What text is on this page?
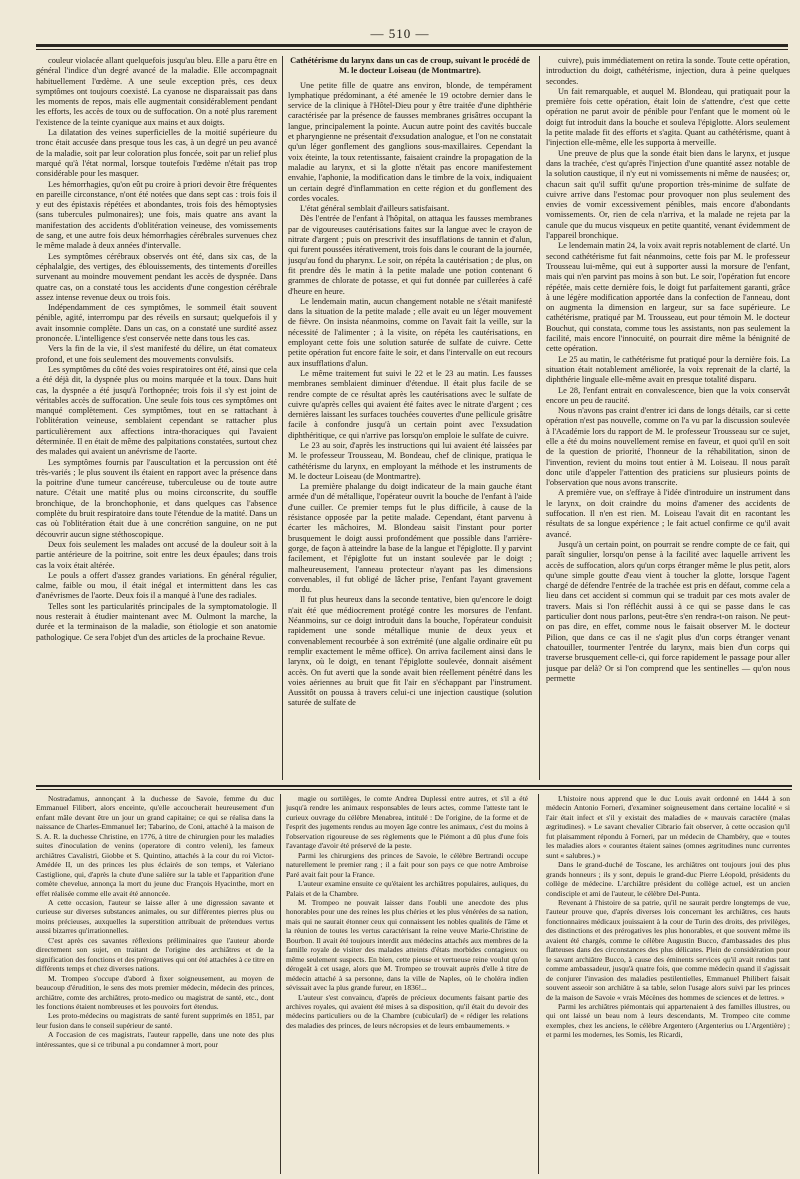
— 510 —

couleur violacée allant quelquefois jusqu'au bleu. Elle a paru être en général l'indice d'un degré avancé de la maladie. Elle accompagnait habituellement l'œdème. A une seule exception près, ces deux symptômes ont toujours coexisté. La cyanose ne disparaissait pas dans les moments de repos, mais elle augmentait considérablement pendant les efforts, les accès de toux ou de suffocation. On a noté plus rarement l'existence de la teinte cyanique aux mains et aux doigts.

La dilatation des veines superficielles de la moitié supérieure du tronc était accusée dans presque tous les cas, à un degré un peu avancé de la maladie, soit par leur coloration plus foncée, soit par un relief plus marqué qu'à l'état normal, lorsque toutefois l'œdème n'était pas trop considérable pour les masquer.

Les hémorrhagies, qu'on eût pu croire à priori devoir être fréquentes en pareille circonstance, n'ont été notées que dans sept cas : trois fois il y eut des épistaxis répétées et abondantes, trois fois des hémoptysies (sans tubercules pulmonaires); une fois, mais quatre ans avant la manifestation des accidents d'oblitération veineuse, des vomissements de sang, et une autre fois deux hémorrhagies cérébrales survenues chez le même malade à deux années d'intervalle.

Les symptômes cérébraux observés ont été, dans six cas, de la céphalalgie, des vertiges, des éblouissements, des tintements d'oreilles survenant au moindre mouvement pendant les accès de dyspnée. Dans quatre cas, on a constaté tous les accidents d'une congestion cérébrale assez intense revenue deux ou trois fois.

Indépendamment de ces symptômes, le sommeil était souvent pénible, agité, interrompu par des réveils en sursaut; quelquefois il y avait insomnie complète. Dans un cas, on a constaté une surdité assez prononcée. L'intelligence s'est conservée nette dans tous les cas.

Vers la fin de la vie, il s'est manifesté du délire, un état comateux profond, et une fois seulement des mouvements convulsifs.

Les symptômes du côté des voies respiratoires ont été, ainsi que cela a été déjà dit, la dyspnée plus ou moins marquée et la toux. Dans huit cas, la dyspnée a été jusqu'à l'orthopnée; trois fois il s'y est joint de véritables accès de suffocation. Une seule fois tous ces symptômes ont manqué complètement. Ces symptômes, tout en se rattachant à l'oblitération veineuse, semblaient cependant se rattacher plus particulièrement aux affections intra-thoraciques qui l'avaient déterminée. Il en était de même des palpitations constatées, surtout chez des malades qui avaient un anévrisme de l'aorte.

Les symptômes fournis par l'auscultation et la percussion ont été très-variés ; le plus souvent ils étaient en rapport avec la présence dans la poitrine d'une tumeur cancéreuse, tuberculeuse ou de toute autre nature. C'était une matité plus ou moins circonscrite, du souffle bronchique, de la bronchophonie, et dans quelques cas l'absence complète du bruit respiratoire dans toute l'étendue de la matité. Dans un cas où l'oblitération était due à une concrétion sanguine, on ne put découvrir aucun signe stéthoscopique.

Deux fois seulement les malades ont accusé de la douleur soit à la partie antérieure de la poitrine, soit entre les deux épaules; dans trois cas la voix était altérée.

Le pouls a offert d'assez grandes variations. En général régulier, calme, faible ou mou, il était inégal et intermittent dans les cas d'anévrismes de l'aorte. Deux fois il a manqué à l'une des radiales.

Telles sont les particularités principales de la symptomatologie. Il nous resterait à étudier maintenant avec M. Oulmont la marche, la durée et la terminaison de la maladie, son étiologie et son anatomie pathologique. Ce sera l'objet d'un des articles de la prochaine Revue.

Cathétérisme du larynx dans un cas de croup, suivant le procédé de M. le docteur Loiseau (de Montmartre).

Une petite fille de quatre ans environ, blonde, de tempérament lymphatique prédominant, a été amenée le 19 octobre dernier dans le service de la clinique à l'Hôtel-Dieu pour y être traitée d'une diphthérie caractérisée par la présence de fausses membranes grisâtres occupant la langue, principalement la pointe. Aucun autre point des cavités buccale et pharyngienne ne présentait d'exsudation analogue, et l'on ne constatait qu'un léger gonflement des ganglions sous-maxillaires. Cependant la voix éteinte, la toux retentissante, faisaient craindre la propagation de la maladie au larynx, et si la glotte n'était pas encore manifestement envahie, l'aphonie, la modification dans le timbre de la voix, indiquaient un certain degré d'inflammation en cette région et du gonflement des cordes vocales.

L'état général semblait d'ailleurs satisfaisant.

Dès l'entrée de l'enfant à l'hôpital, on attaqua les fausses membranes par de vigoureuses cautérisations faites sur la langue avec le crayon de nitrate d'argent ; puis on prescrivit des insufflations de tannin et d'alun, qui furent poussées itérativement, trois fois dans le courant de la journée, jusqu'au fond du pharynx. Le soir, on répéta la cautérisation ; de plus, on fit prendre dès le matin à la petite malade une potion contenant 6 grammes de chlorate de potasse, et qui fut donnée par cuillerées à café d'heure en heure.

Le lendemain matin, aucun changement notable ne s'était manifesté dans la situation de la petite malade ; elle avait eu un léger mouvement de fièvre. On insista néanmoins, comme on l'avait fait la veille, sur la nécessité de l'alimenter ; à la visite, on répéta les cautérisations, en employant cette fois une solution saturée de sulfate de cuivre. Cette petite opération fut encore faite le soir, et dans l'intervalle on eut recours aux insufflations d'alun.

Le même traitement fut suivi le 22 et le 23 au matin. Les fausses membranes semblaient diminuer d'étendue. Il était plus facile de se rendre compte de ce résultat après les cautérisations avec le sulfate de cuivre qu'après celles qui avaient été faites avec le nitrate d'argent ; ces dernières laissant les surfaces touchées couvertes d'une pellicule grisâtre facile à confondre jusqu'à un certain point avec l'exsudation diphthéritique, ce qui n'arrive pas lorsqu'on emploie le sulfate de cuivre.

Le 23 au soir, d'après les instructions qui lui avaient été laissées par M. le professeur Trousseau, M. Bondeau, chef de clinique, pratiqua le cathétérisme du larynx, en employant la méthode et les instruments de M. le docteur Loiseau (de Montmartre).

La première phalange du doigt indicateur de la main gauche étant armée d'un dé métallique, l'opérateur ouvrit la bouche de l'enfant à l'aide d'une cuiller. Ce premier temps fut le plus difficile, à cause de la résistance opposée par la petite malade. Cependant, étant parvenu à écarter les mâchoires, M. Blondeau saisit l'instant pour porter brusquement le doigt aussi profondément que possible dans l'arrière-gorge, de façon à atteindre la base de la langue et l'épiglotte. Il y parvint facilement, et l'épiglotte fut un instant soulevée par le doigt ; malheureusement, l'anneau protecteur n'ayant pas les dimensions convenables, il fut obligé de lâcher prise, l'enfant l'ayant gravement mordu.

Il fut plus heureux dans la seconde tentative, bien qu'encore le doigt n'ait été que médiocrement protégé contre les morsures de l'enfant. Néanmoins, sur ce doigt introduit dans la bouche, l'opérateur conduisit rapidement une sonde métallique munie de deux yeux et convenablement recourbée à son extrémité (une algalie ordinaire eût pu remplir exactement le même office). On arriva facilement ainsi dans le larynx, où le doigt, en tenant l'épiglotte soulevée, donnait aisément accès. On fut averti que la sonde avait bien réellement pénétré dans les voies aériennes au bruit que fit l'air en s'échappant par l'instrument. Aussitôt on poussa à travers celui-ci une injection caustique (solution saturée de sulfate de

cuivre), puis immédiatement on retira la sonde. Toute cette opération, introduction du doigt, cathétérisme, injection, dura à peine quelques secondes.

Un fait remarquable, et auquel M. Blondeau, qui pratiquait pour la première fois cette opération, était loin de s'attendre, c'est que cette opération ne parut avoir de pénible pour l'enfant que le moment où le doigt fut introduit dans la bouche et souleva l'épiglotte. Alors seulement la petite malade fit des efforts et s'agita. Quant au cathétérisme, quant à l'injection elle-même, elle les supporta à merveille.

Une preuve de plus que la sonde était bien dans le larynx, et jusque dans la trachée, c'est qu'après l'injection d'une quantité assez notable de la solution caustique, il n'y eut ni vomissements ni même de nausées; or, chacun sait qu'il suffit qu'une proportion très-minime de sulfate de cuivre arrive dans l'estomac pour provoquer non plus seulement des envies de vomir excessivement pénibles, mais encore d'abondants vomissements. Or, rien de cela n'arriva, et la malade ne rejeta par la canule que du mucus visqueux en petite quantité, venant évidemment de l'appareil bronchique.

Le lendemain matin 24, la voix avait repris notablement de clarté. Un second cathétérisme fut fait néanmoins, cette fois par M. le professeur Trousseau lui-même, qui eut à supporter aussi la morsure de l'enfant, mais qui n'en parvint pas moins à son but. Le soir, l'opération fut encore répétée, mais cette dernière fois, le doigt fut parfaitement garanti, grâce à une légère modification apportée dans la confection de l'anneau, dont on augmenta la dimension en largeur, sur sa face supérieure. Le cathétérisme, pratiqué par M. Trousseau, eut pour témoin M. le docteur Bouchut, qui constata, comme tous les assistants, non pas seulement la facilité, mais encore l'innocuité, on pourrait dire même la bénignité de cette opération.

Le 25 au matin, le cathétérisme fut pratiqué pour la dernière fois. La situation était notablement améliorée, la voix reprenait de la clarté, la diphthérie linguale elle-même avait en presque totalité disparu.

Le 28, l'enfant entrait en convalescence, bien que la voix conservât encore un peu de raucité.

Nous n'avons pas craint d'entrer ici dans de longs détails, car si cette opération n'est pas nouvelle, comme on l'a vu par la discussion soulevée à l'Académie lors du rapport de M. le professeur Trousseau sur ce sujet, elle a été du moins nouvellement remise en faveur, et quoi qu'il en soit de la question de priorité, l'honneur de la réhabilitation, sinon de l'invention, revient du moins tout entier à M. Loiseau. Il nous paraît donc utile d'appeler l'attention des praticiens sur plusieurs points de l'observation que nous avons transcrite.

A première vue, on s'effraye à l'idée d'introduire un instrument dans le larynx, on doit craindre du moins d'amener des accidents de suffocation. Il n'en est rien. M. Loiseau l'avait dit en racontant les résultats de sa longue expérience ; le fait actuel confirme ce qu'il avait avancé.

Jusqu'à un certain point, on pourrait se rendre compte de ce fait, qui paraît singulier, lorsqu'on pense à la facilité avec laquelle arrivent les accès de suffocation, alors qu'un corps étranger même le plus petit, alors qu'une simple goutte d'eau vient à toucher la glotte, lorsque l'agent chargé de défendre l'entrée de la trachée est pris en défaut, comme cela a lieu dans cet accident si commun qui se traduit par ces mots avaler de travers. Mais si l'on réfléchit aussi à ce qui se passe dans le cas particulier dont nous parlons, peut-être s'en rendra-t-on raison. Ne peut-on pas dire, en effet, comme nous le faisait observer M. le docteur Pilion, que dans ce cas il ne s'agit plus d'un corps étranger venant chatouiller, tourmenter l'entrée du larynx, mais bien d'un corps qui traverse brusquement celle-ci, qui force rapidement le passage pour aller jusque par delà? Or si l'on comprend que les sentinelles — qu'on nous permette

Nostradamus, annonçant à la duchesse de Savoie, femme du duc Emmanuel Filibert, alors enceinte, qu'elle accoucherait heureusement d'un enfant mâle devant être un jour un grand capitaine; ce qui se réalisa dans la naissance de Charles-Emmanuel Ier; Tabarino, de Coni, attaché à la maison de S. A. R. la duchesse Christine, en 1776, à titre de chirurgien pour les maladies suites d'inoculation de venins (operatore di contro veleni), les fameux archiâtres Cavalistri, Giobbe et S. Quintino, attachés à la cour du roi Victor-Amédée II, un des princes les plus éclairés de son temps, et Valeriano Castiglione, qui, d'après la chute d'une salière sur la table et l'apparition d'une comète cheveluе, annonça la mort du jeune duc François Hyacinthe, mort en effet réalisée comme elle avait été annoncée.

A cette occasion, l'auteur se laisse aller à une digression savante et curieuse sur diverses substances animales, ou sur différentes pierres plus ou moins précieuses, auxquelles la superstition attribuait de prétendues vertus aussi bizarres qu'irrationnelles.

C'est après ces savantes réflexions préliminaires que l'auteur aborde directement son sujet, en traitant de l'origine des archiâtres et de la signification des fonctions et des prérogatives qui ont été attachées à ce titre en différents temps et chez diverses nations.

M. Trompeo s'occupe d'abord à fixer soigneusement, au moyen de beaucoup d'érudition, le sens des mots premier médecin, médecin des princes, archiâtre, comte des archiâtres, proto-medico ou magistrat de santé, etc., dont les fonctions étaient nombreuses et les pouvoirs fort étendus.

Les proto-médecins ou magistrats de santé furent supprimés en 1851, par leur fusion dans le conseil supérieur de santé.

A l'occasion de ces magistrats, l'auteur rappelle, dans une note des plus intéressantes, que si ce tribunal a pu condamner à mort, pour

magie ou sortilèges, le comte Andrea Duplessi entre autres, et s'il a été jusqu'à rendre les animaux responsables de leurs actes, comme l'atteste tant le curieux ouvrage du célèbre Menabrea, intitulé : De l'origine, de la forme et de l'esprit des jugements rendus au moyen âge contre les animaux, c'est du moins à l'observation rigoureuse de ses règlements que le Piémont a dû plus d'une fois l'avantage d'avoir été préservé de la peste.

Parmi les chirurgiens des princes de Savoie, le célèbre Bertrandi occupe naturellement le premier rang ; il a fait pour son pays ce que notre Ambroise Paré avait fait pour la France.

L'auteur examine ensuite ce qu'étaient les archiâtres populaires, auliques, du Palais et de la Chambre.

M. Trompeo ne pouvait laisser dans l'oubli une anecdote des plus honorables pour une des reines les plus chéries et les plus vénérées de sa nation, mais qui ne saurait étonner ceux qui connaissent les nobles qualités de l'âme et la réunion de toutes les vertus caractérisant la reine veuve Marie-Christine de Bourbon. Il avait été toujours interdit aux médecins attachés aux membres de la famille royale de visiter des malades atteints d'états morbides contagieux ou même seulement suspects. En bien, cette pieuse et vertueuse reine voulut qu'on dérogeât à cet usage, alors que M. Trompeo se trouvait auprès d'elle à titre de médecin attaché à sa personne, dans la ville de Naples, où le choléra indien sévissait avec la plus grande fureur, en 1836!...

L'auteur s'est convaincu, d'après de précieux documents faisant partie des archives royales, qui avaient été mises à sa disposition, qu'il était du devoir des médecins particuliers ou de la Chambre (cubicularî) de « rédiger les relations des maladies des princes, de leurs nécropsies et de leurs embaumements. »

L'histoire nous apprend que le duc Louis avait ordonné en 1444 à son médecin Antonio Forneri, d'examiner soigneusement dans certaine localité « si l'air était infect et s'il y existait des maladies de « mauvais caractère (malas ægritudines). » Le savant chevalier Cibrario fait observer, à cette occasion qu'il fut plaisamment répondu à Forneri, par un médecin de Chambéry, que « toutes les maladies alors « courantes étaient saines (omnes ægritudines nunc currentes sunt « salubres.) »

Dans le grand-duché de Toscane, les archiâtres ont toujours joui des plus grands honneurs ; ils y sont, depuis le grand-duc Pierre Léopold, présidents du collège de médecine. L'archiâtre président du collège actuel, est un ancien condisciple et ami de l'auteur, le célèbre Del-Punta.

Revenant à l'histoire de sa patrie, qu'il ne saurait perdre longtemps de vue, l'auteur prouve que, d'après diverses lois concernant les archiâtres, ces hauts fonctionnaires médicaux jouissaient à la cour de Turin des droits, des privilèges, des distinctions et des prérogatives les plus honorables, et que souvent même ils avaient été chargés, comme le célèbre Augustin Bucco, d'ambassades des plus flatteuses dans des circonstances des plus délicates. Plein de considération pour le savant archiâtre Bucco, à cause des éminents services qu'il avait rendus tant comme ambassadeur, jusqu'à quatre fois, que comme médecin quand il s'agissait de conjurer l'invasion des maladies pestilentielles, Emmanuel Philibert faisait souvent asseoir son archiâtre à sa table, selon l'usage alors suivi par les princes de la maison de Savoie « vrais Mécènes des hommes de sciences et de lettres. »

Parmi les archiâtres piémontais qui appartenaient à des familles illustres, ou qui ont laissé un beau nom à leurs descendants, M. Trompeo cite comme exemples, chez les anciens, le célèbre Argentero (Argenterius ou L'Argentière) ; et parmi les modernes, les Somis, les Ricardi,
